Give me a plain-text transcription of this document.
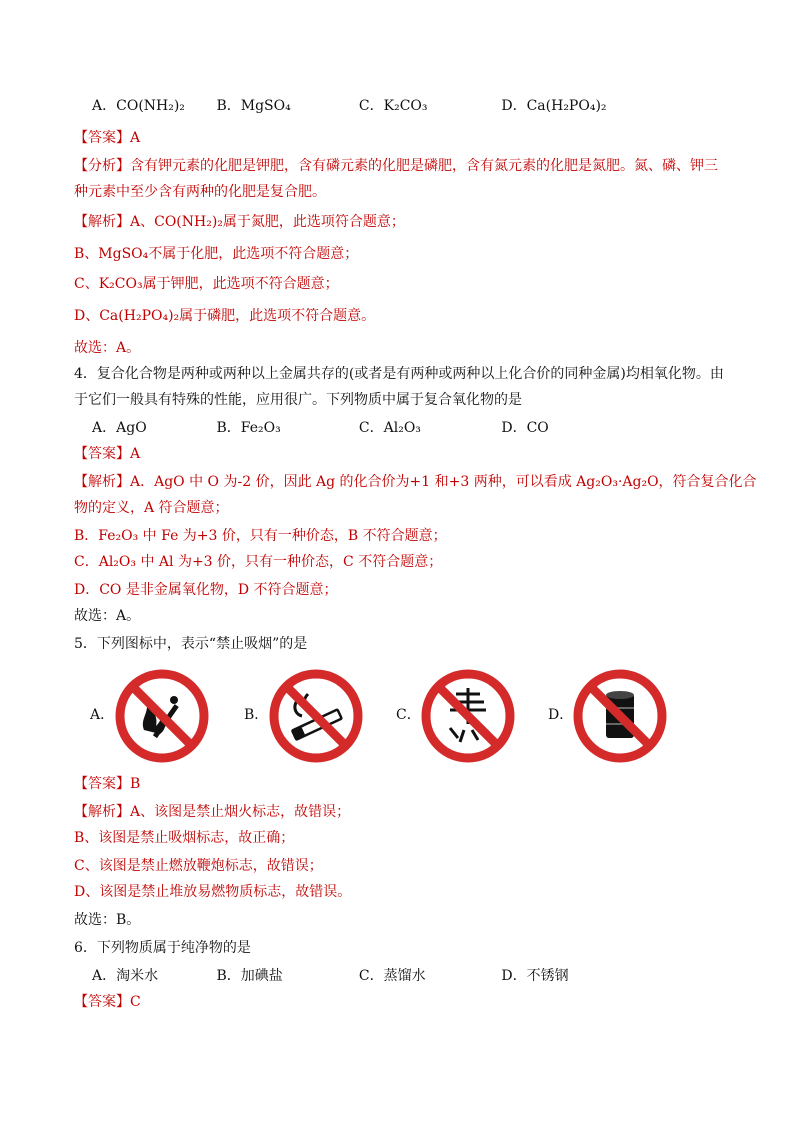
A．CO(NH₂)₂ B．MgSO₄	C．K₂CO₃	D．Ca(H₂PO₄)₂
【答案】A
【分析】含有钾元素的化肥是钾肥，含有磷元素的化肥是磷肥，含有氮元素的化肥是氮肥。氮、磷、钾三
种元素中至少含有两种的化肥是复合肥。
【解析】A、CO(NH₂)₂属于氮肥，此选项符合题意；
B、MgSO₄不属于化肥，此选项不符合题意；
C、K₂CO₃属于钾肥，此选项不符合题意；
D、Ca(H₂PO₄)₂属于磷肥，此选项不符合题意。
故选：A。
4．复合化合物是两种或两种以上金属共存的(或者是有两种或两种以上化合价的同种金属)均相氧化物。由
于它们一般具有特殊的性能，应用很广。下列物质中属于复合氧化物的是
A．AgO	B．Fe₂O₃	C．Al₂O₃	D．CO
【答案】A
【解析】A．AgO 中 O 为-2 价，因此 Ag 的化合价为+1 和+3 两种，可以看成 Ag₂O₃·Ag₂O，符合复合化合
物的定义，A 符合题意；
B．Fe₂O₃ 中 Fe 为+3 价，只有一种价态，B 不符合题意；
C．Al₂O₃ 中 Al 为+3 价，只有一种价态，C 不符合题意；
D．CO 是非金属氧化物，D 不符合题意；
故选：A。
5．下列图标中，表示“禁止吸烟”的是
A．	B．	C．	D．
【答案】B
【解析】A、该图是禁止烟火标志，故错误；
B、该图是禁止吸烟标志，故正确；
C、该图是禁止燃放鞭炮标志，故错误；
D、该图是禁止堆放易燃物质标志，故错误。
故选：B。
6．下列物质属于纯净物的是
A．淘米水	B．加碘盐	C．蒸馏水	D．不锈钢
【答案】C
